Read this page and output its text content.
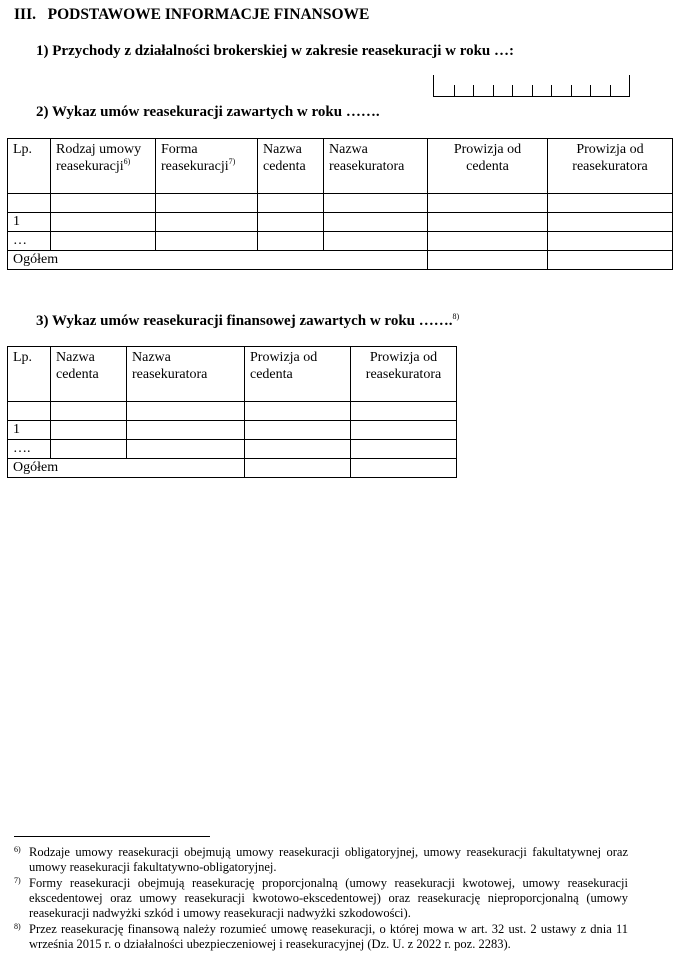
III.   PODSTAWOWE INFORMACJE FINANSOWE
1) Przychody z działalności brokerskiej w zakresie reasekuracji w roku …:
2) Wykaz umów reasekuracji zawartych w roku …….
Lp.	Rodzaj umowy reasekuracji$^{6)}$	Forma reasekuracji$^{7)}$	Nazwa cedenta	Nazwa reasekuratora	Prowizja od cedenta	Prowizja od reasekuratora

1						
…						
Ogółem						
3) Wykaz umów reasekuracji finansowej zawartych w roku …….$^{8)}$
Lp.	Nazwa cedenta	Nazwa reasekuratora	Prowizja od cedenta	Prowizja od reasekuratora

1				
….				
Ogółem				
6) Rodzaje umowy reasekuracji obejmują umowy reasekuracji obligatoryjnej, umowy reasekuracji fakultatywnej oraz umowy reasekuracji fakultatywno-obligatoryjnej.
7) Formy reasekuracji obejmują reasekurację proporcjonalną (umowy reasekuracji kwotowej, umowy reasekuracji ekscedentowej oraz umowy reasekuracji kwotowo-ekscedentowej) oraz reasekurację nieproporcjonalną (umowy reasekuracji nadwyżki szkód i umowy reasekuracji nadwyżki szkodowości).
8) Przez reasekurację finansową należy rozumieć umowę reasekuracji, o której mowa w art. 32 ust. 2 ustawy z dnia 11 września 2015 r. o działalności ubezpieczeniowej i reasekuracyjnej (Dz. U. z 2022 r. poz. 2283).
